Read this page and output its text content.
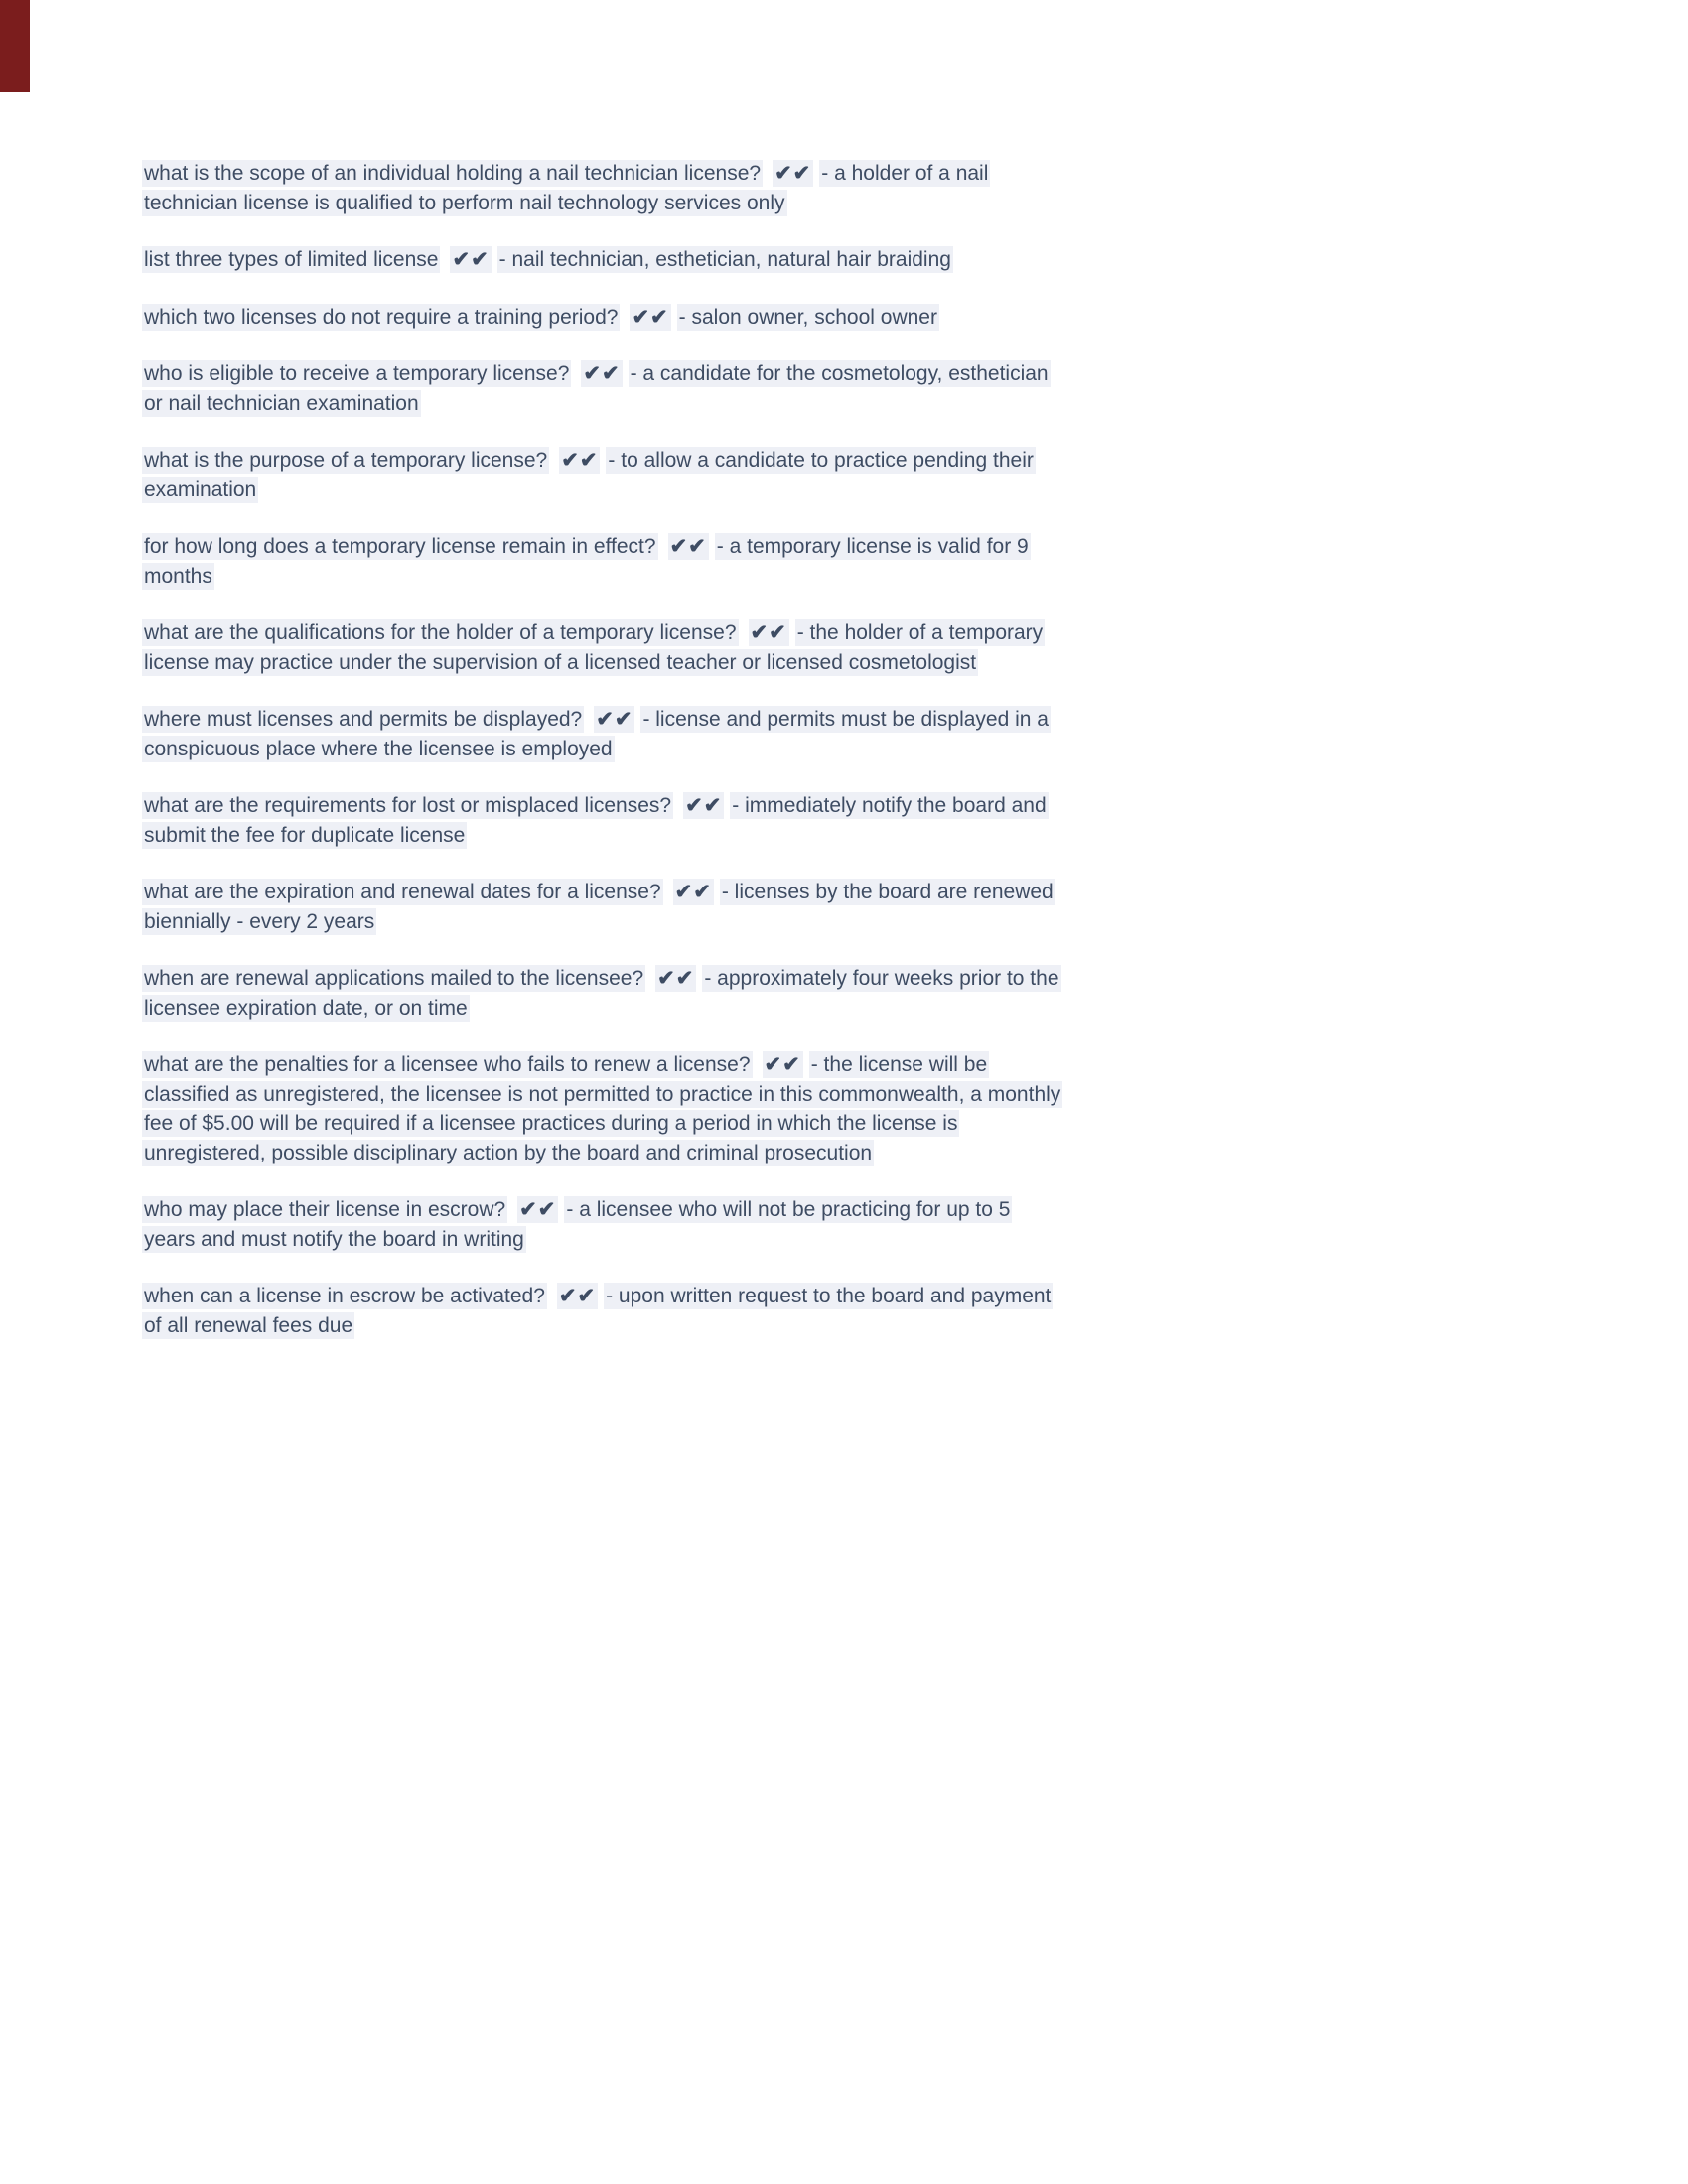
what is the scope of an individual holding a nail technician license? ✔✔ - a holder of a nail technician license is qualified to perform nail technology services only

list three types of limited license ✔✔ - nail technician, esthetician, natural hair braiding

which two licenses do not require a training period? ✔✔ - salon owner, school owner

who is eligible to receive a temporary license? ✔✔ - a candidate for the cosmetology, esthetician or nail technician examination

what is the purpose of a temporary license? ✔✔ - to allow a candidate to practice pending their examination

for how long does a temporary license remain in effect? ✔✔ - a temporary license is valid for 9 months

what are the qualifications for the holder of a temporary license? ✔✔ - the holder of a temporary license may practice under the supervision of a licensed teacher or licensed cosmetologist

where must licenses and permits be displayed? ✔✔ - license and permits must be displayed in a conspicuous place where the licensee is employed

what are the requirements for lost or misplaced licenses? ✔✔ - immediately notify the board and submit the fee for duplicate license

what are the expiration and renewal dates for a license? ✔✔ - licenses by the board are renewed biennially - every 2 years

when are renewal applications mailed to the licensee? ✔✔ - approximately four weeks prior to the licensee expiration date, or on time

what are the penalties for a licensee who fails to renew a license? ✔✔ - the license will be classified as unregistered, the licensee is not permitted to practice in this commonwealth, a monthly fee of $5.00 will be required if a licensee practices during a period in which the license is unregistered, possible disciplinary action by the board and criminal prosecution

who may place their license in escrow? ✔✔ - a licensee who will not be practicing for up to 5 years and must notify the board in writing

when can a license in escrow be activated? ✔✔ - upon written request to the board and payment of all renewal fees due
